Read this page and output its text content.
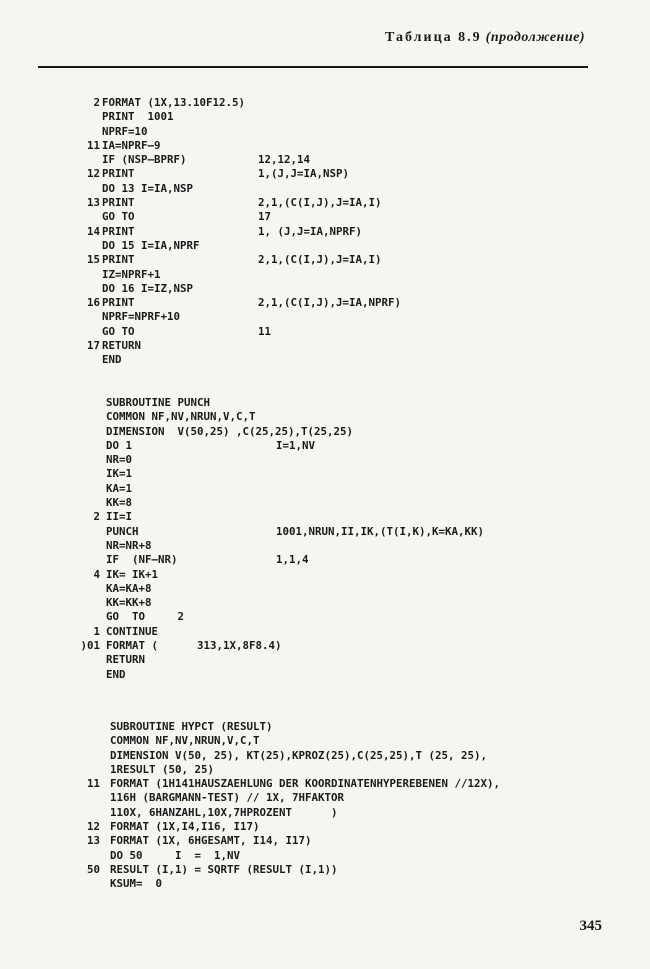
Таблица 8.9 (продолжение)
2 FORMAT (1X,13.10F12.5)
PRINT  1001
NPRF=10
11 IA=NPRF—9
IF (NSP—BPRF)	12,12,14
12 PRINT	1,(J,J=IA,NSP)
DO 13 I=IA,NSP
13 PRINT	2,1,(C(I,J),J=IA,I)
GO TO	17
14 PRINT	1, (J,J=IA,NPRF)
DO 15 I=IA,NPRF
15 PRINT	2,1,(C(I,J),J=IA,I)
IZ=NPRF+1
DO 16 I=IZ,NSP
16 PRINT	2,1,(C(I,J),J=IA,NPRF)
NPRF=NPRF+10
GO TO	11
17 RETURN
END
SUBROUTINE PUNCH
COMMON NF,NV,NRUN,V,C,T
DIMENSION  V(50,25) ,C(25,25),T(25,25)
DO 1	I=1,NV
NR=0
IK=1
KA=1
KK=8
2 II=I
PUNCH	1001,NRUN,II,IK,(T(I,K),K=KA,KK)
NR=NR+8
IF  (NF—NR)	1,1,4
4 IK= IK+1
KA=KA+8
KK=KK+8
GO  TO     2
1 CONTINUE
)01 FORMAT (      313,1X,8F8.4)
RETURN
END
SUBROUTINE HYPCT (RESULT)
COMMON NF,NV,NRUN,V,C,T
DIMENSION V(50, 25), KT(25),KPROZ(25),C(25,25),T (25, 25),
1RESULT (50, 25)
11 FORMAT (1H141HAUSZAEHLUNG DER KOORDINATENHYPEREBENEN //12X),
116H (BARGMANN-TEST) // 1X, 7HFAKTOR
110X, 6HANZAHL,10X,7HPROZENT      )
12 FORMAT (1X,I4,I16, I17)
13 FORMAT (1X, 6HGESAMT, I14, I17)
DO 50     I  =  1,NV
50 RESULT (I,1) = SQRTF (RESULT (I,1))
KSUM=  0
345
